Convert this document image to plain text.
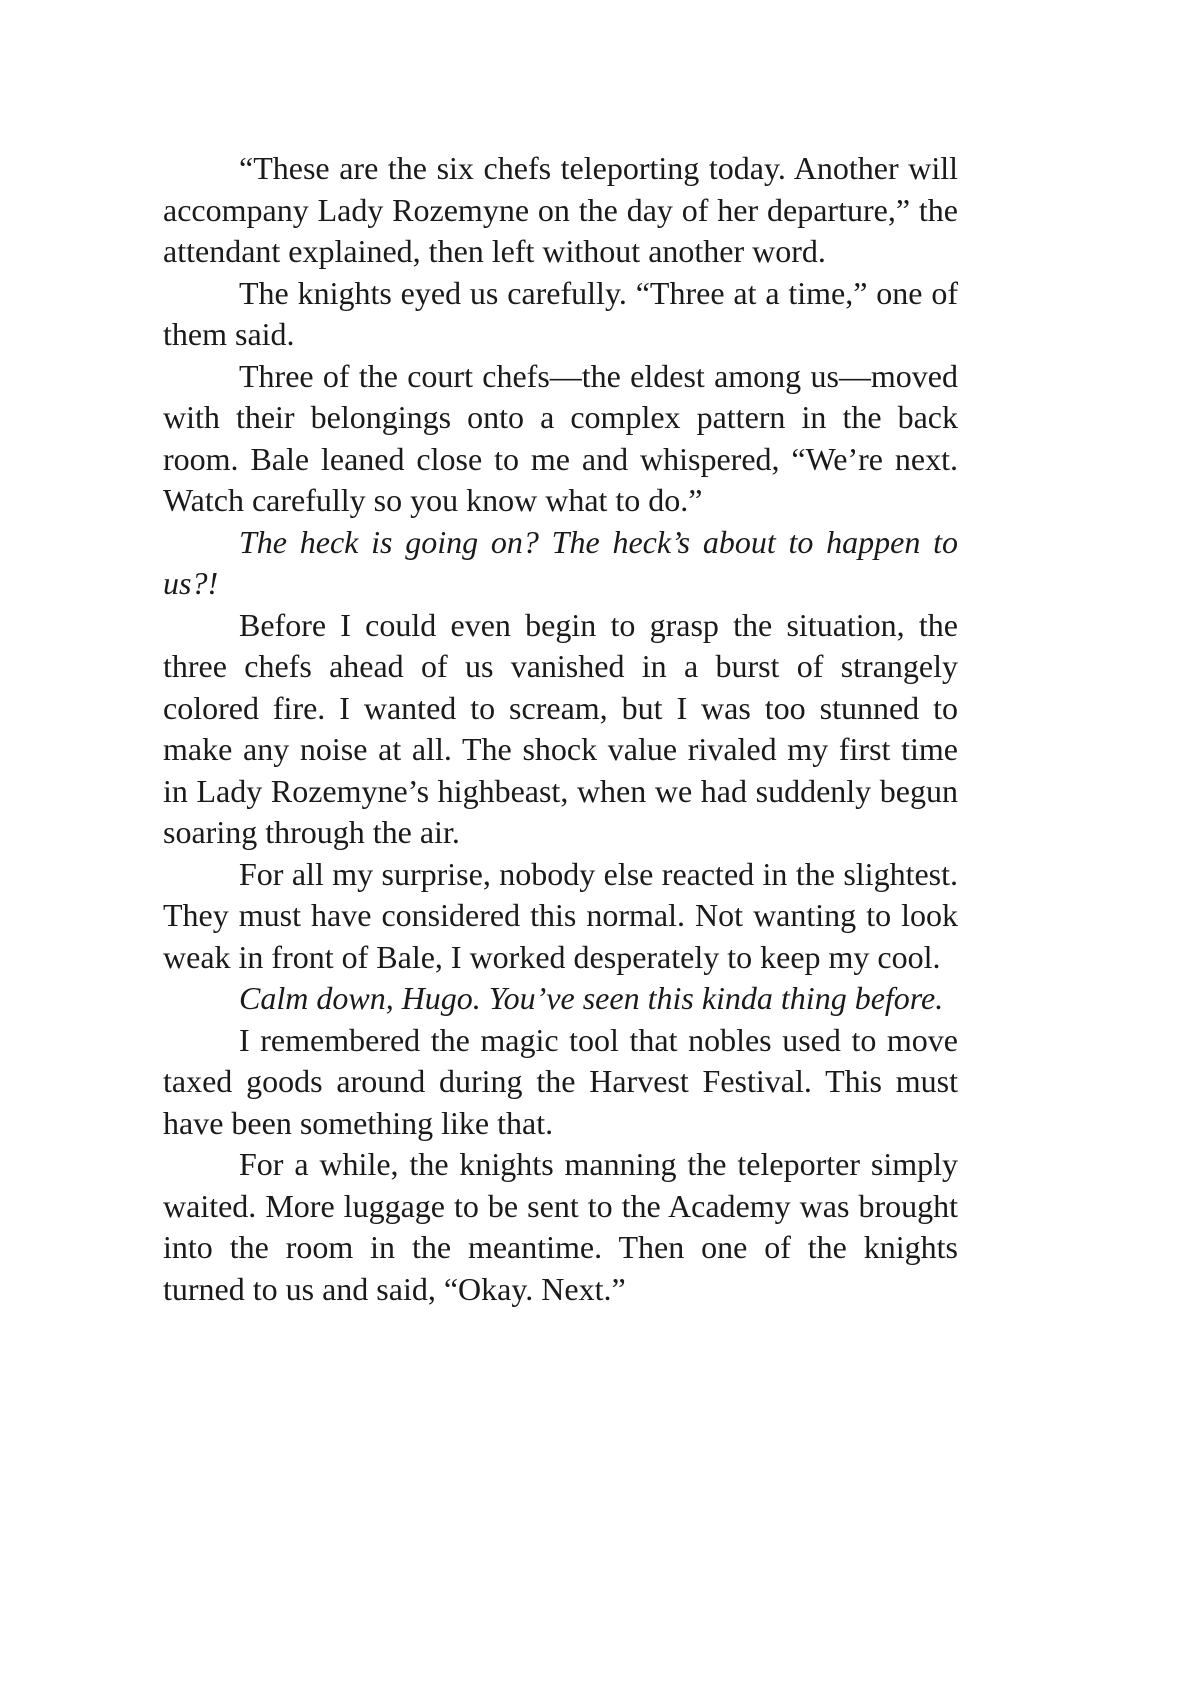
“These are the six chefs teleporting today. Another will accompany Lady Rozemyne on the day of her departure,” the attendant explained, then left without another word.

The knights eyed us carefully. “Three at a time,” one of them said.

Three of the court chefs—the eldest among us—moved with their belongings onto a complex pattern in the back room. Bale leaned close to me and whispered, “We’re next. Watch carefully so you know what to do.”

The heck is going on? The heck’s about to happen to us?!

Before I could even begin to grasp the situation, the three chefs ahead of us vanished in a burst of strangely colored fire. I wanted to scream, but I was too stunned to make any noise at all. The shock value rivaled my first time in Lady Rozemyne’s highbeast, when we had suddenly begun soaring through the air.

For all my surprise, nobody else reacted in the slightest. They must have considered this normal. Not wanting to look weak in front of Bale, I worked desperately to keep my cool.

Calm down, Hugo. You’ve seen this kinda thing before.

I remembered the magic tool that nobles used to move taxed goods around during the Harvest Festival. This must have been something like that.

For a while, the knights manning the teleporter simply waited. More luggage to be sent to the Academy was brought into the room in the meantime. Then one of the knights turned to us and said, “Okay. Next.”
